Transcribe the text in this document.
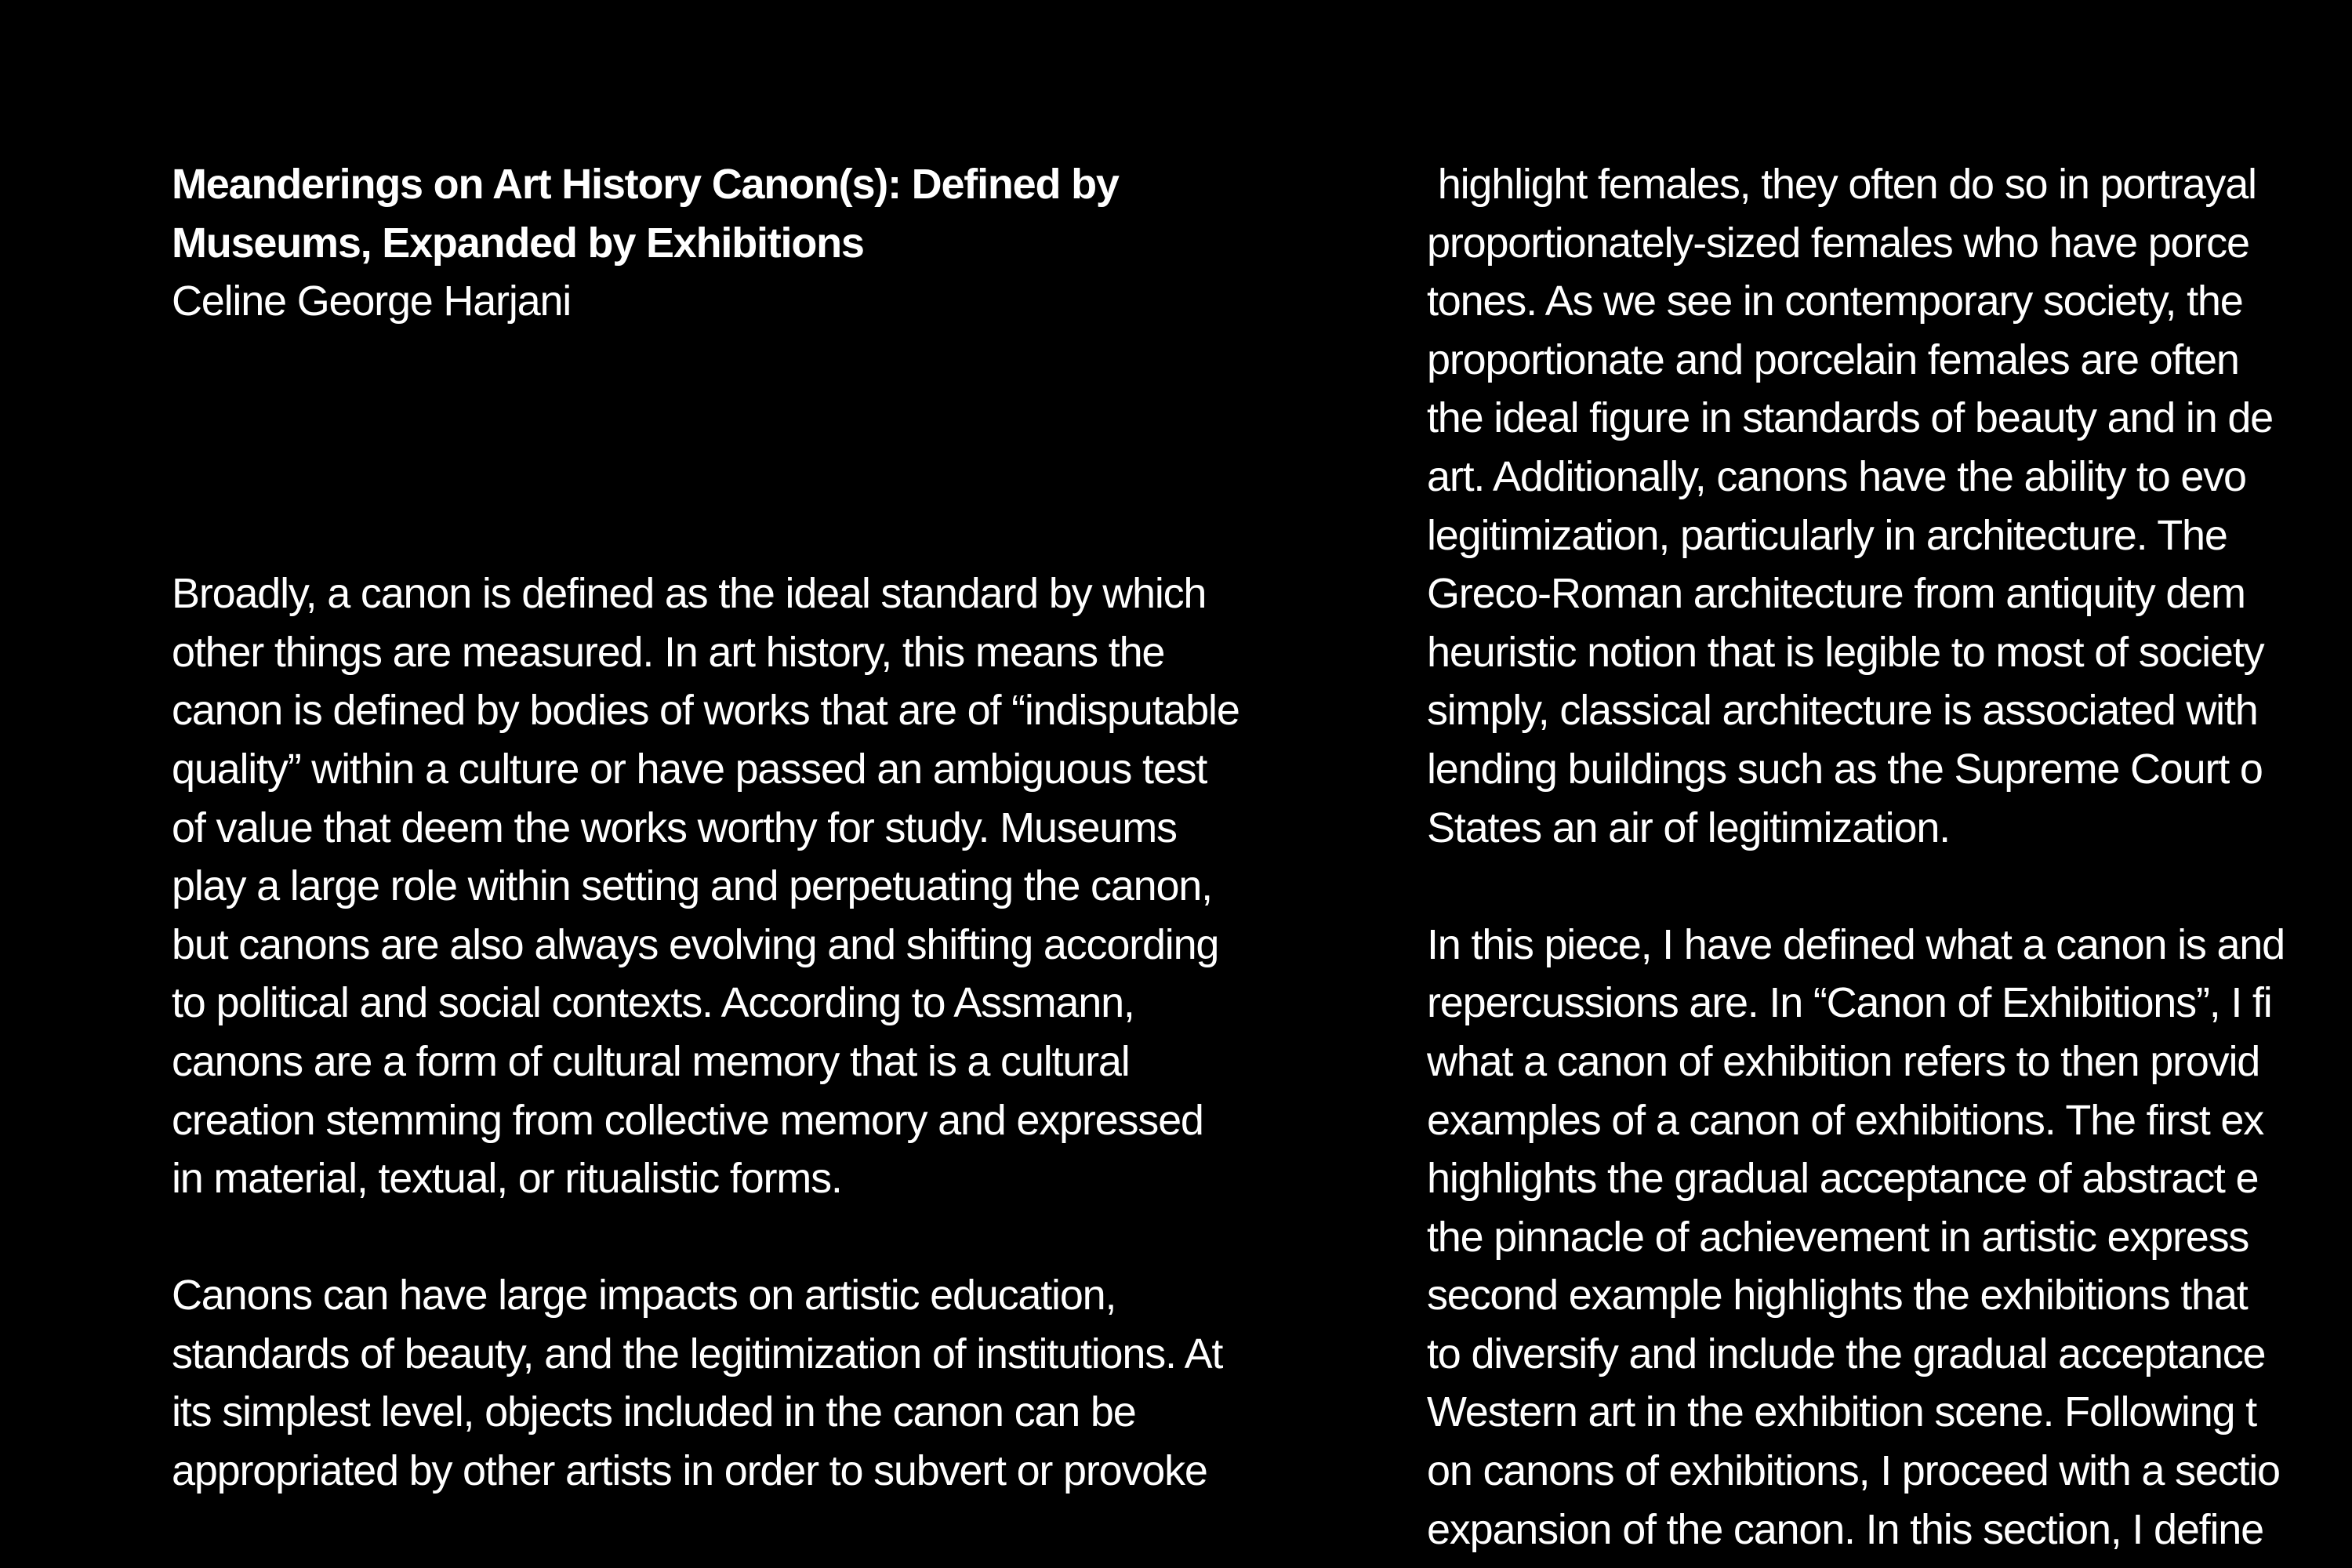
Meanderings on Art History Canon(s): Defined by
Museums, Expanded by Exhibitions
Celine George Harjani
Broadly, a canon is defined as the ideal standard by which
other things are measured. In art history, this means the
canon is defined by bodies of works that are of “indisputable
quality” within a culture or have passed an ambiguous test
of value that deem the works worthy for study. Museums
play a large role within setting and perpetuating the canon,
but canons are also always evolving and shifting according
to political and social contexts. According to Assmann,
canons are a form of cultural memory that is a cultural
creation stemming from collective memory and expressed
in material, textual, or ritualistic forms.
Canons can have large impacts on artistic education,
standards of beauty, and the legitimization of institutions. At
its simplest level, objects included in the canon can be
appropriated by other artists in order to subvert or provoke
highlight females, they often do so in portrayal
proportionately-sized females who have porce
tones. As we see in contemporary society, the
proportionate and porcelain females are often
the ideal figure in standards of beauty and in de
art. Additionally, canons have the ability to evo
legitimization, particularly in architecture. The
Greco-Roman architecture from antiquity dem
heuristic notion that is legible to most of society
simply, classical architecture is associated with
lending buildings such as the Supreme Court o
States an air of legitimization.
In this piece, I have defined what a canon is and
repercussions are. In “Canon of Exhibitions”, I fi
what a canon of exhibition refers to then provid
examples of a canon of exhibitions. The first ex
highlights the gradual acceptance of abstract e
the pinnacle of achievement in artistic express
second example highlights the exhibitions that
to diversify and include the gradual acceptance
Western art in the exhibition scene. Following t
on canons of exhibitions, I proceed with a sectio
expansion of the canon. In this section, I define
